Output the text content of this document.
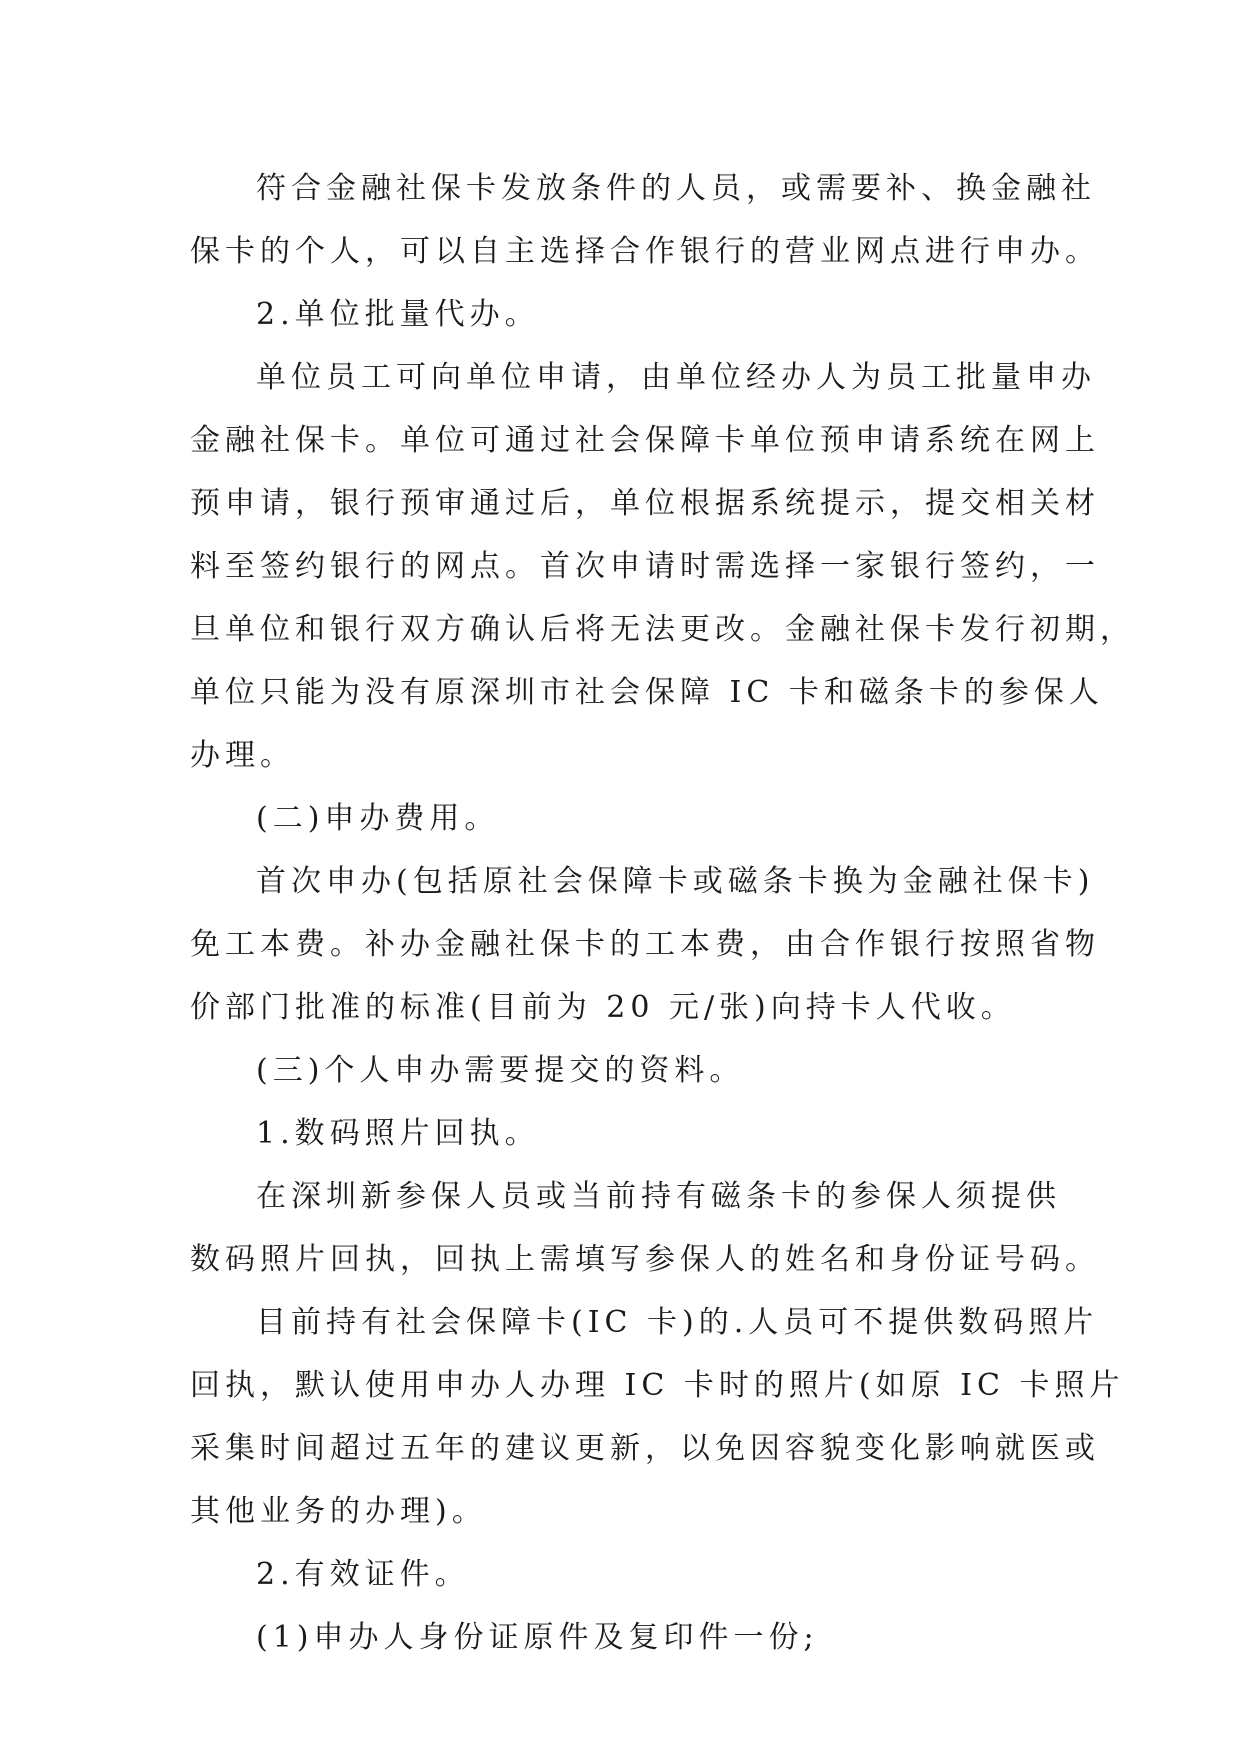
符合金融社保卡发放条件的人员，或需要补、换金融社
保卡的个人，可以自主选择合作银行的营业网点进行申办。
2.单位批量代办。
单位员工可向单位申请，由单位经办人为员工批量申办
金融社保卡。单位可通过社会保障卡单位预申请系统在网上
预申请，银行预审通过后，单位根据系统提示，提交相关材
料至签约银行的网点。首次申请时需选择一家银行签约，一
旦单位和银行双方确认后将无法更改。金融社保卡发行初期，
单位只能为没有原深圳市社会保障 IC 卡和磁条卡的参保人
办理。
(二)申办费用。
首次申办(包括原社会保障卡或磁条卡换为金融社保卡)
免工本费。补办金融社保卡的工本费，由合作银行按照省物
价部门批准的标准(目前为 20 元/张)向持卡人代收。
(三)个人申办需要提交的资料。
1.数码照片回执。
在深圳新参保人员或当前持有磁条卡的参保人须提供
数码照片回执，回执上需填写参保人的姓名和身份证号码。
目前持有社会保障卡(IC 卡)的.人员可不提供数码照片
回执，默认使用申办人办理 IC 卡时的照片(如原 IC 卡照片
采集时间超过五年的建议更新，以免因容貌变化影响就医或
其他业务的办理)。
2.有效证件。
(1)申办人身份证原件及复印件一份;
